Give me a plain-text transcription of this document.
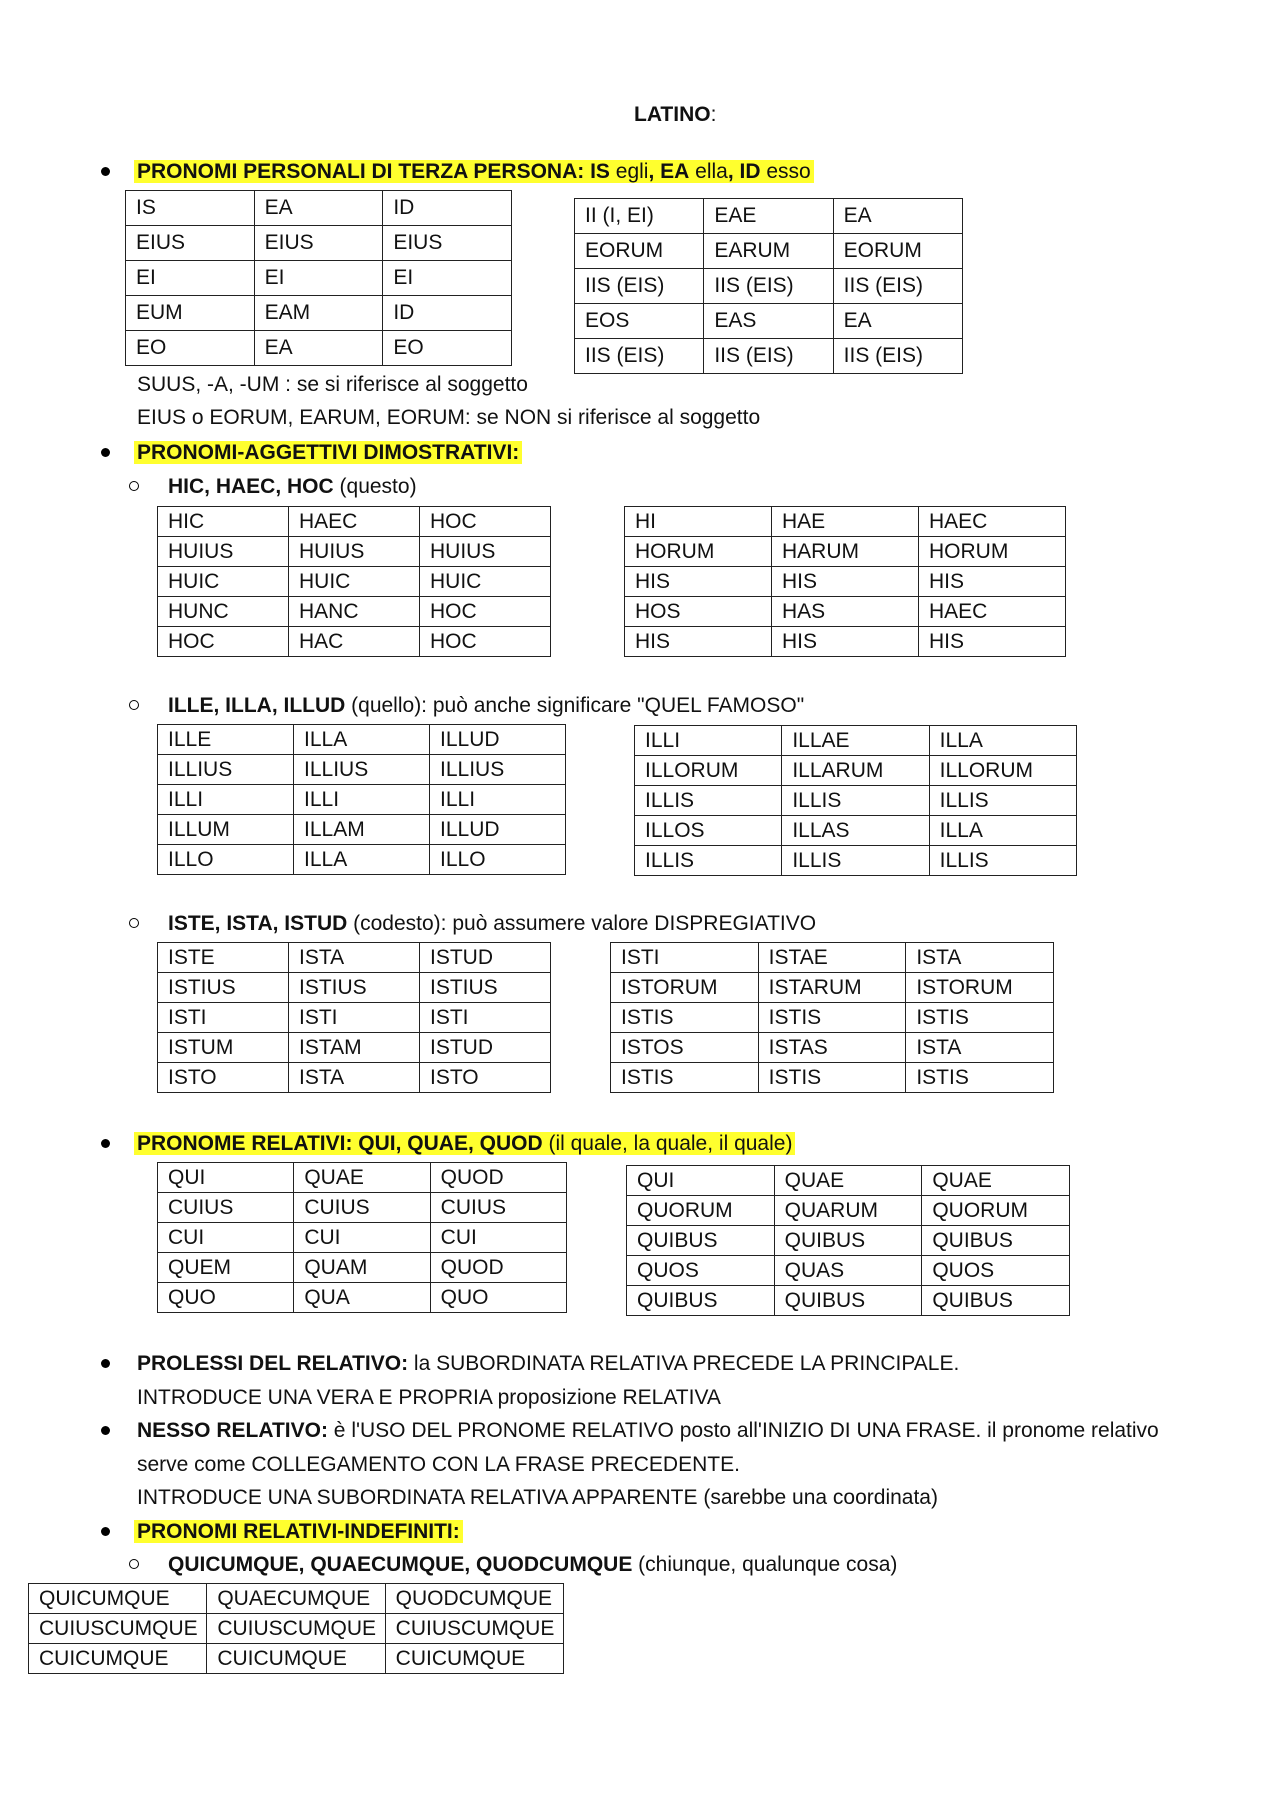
LATINO:
PRONOMI PERSONALI DI TERZA PERSONA: IS egli, EA ella, ID esso
IS	EA	ID
EIUS	EIUS	EIUS
EI	EI	EI
EUM	EAM	ID
EO	EA	EO
II (I, EI)	EAE	EA
EORUM	EARUM	EORUM
IIS (EIS)	IIS (EIS)	IIS (EIS)
EOS	EAS	EA
IIS (EIS)	IIS (EIS)	IIS (EIS)
SUUS, -A, -UM : se si riferisce al soggetto
EIUS o EORUM, EARUM, EORUM: se NON si riferisce al soggetto
PRONOMI-AGGETTIVI DIMOSTRATIVI:
HIC, HAEC, HOC (questo)
HIC	HAEC	HOC
HUIUS	HUIUS	HUIUS
HUIC	HUIC	HUIC
HUNC	HANC	HOC
HOC	HAC	HOC
HI	HAE	HAEC
HORUM	HARUM	HORUM
HIS	HIS	HIS
HOS	HAS	HAEC
HIS	HIS	HIS
ILLE, ILLA, ILLUD (quello): può anche significare "QUEL FAMOSO"
ILLE	ILLA	ILLUD
ILLIUS	ILLIUS	ILLIUS
ILLI	ILLI	ILLI
ILLUM	ILLAM	ILLUD
ILLO	ILLA	ILLO
ILLI	ILLAE	ILLA
ILLORUM	ILLARUM	ILLORUM
ILLIS	ILLIS	ILLIS
ILLOS	ILLAS	ILLA
ILLIS	ILLIS	ILLIS
ISTE, ISTA, ISTUD (codesto): può assumere valore DISPREGIATIVO
ISTE	ISTA	ISTUD
ISTIUS	ISTIUS	ISTIUS
ISTI	ISTI	ISTI
ISTUM	ISTAM	ISTUD
ISTO	ISTA	ISTO
ISTI	ISTAE	ISTA
ISTORUM	ISTARUM	ISTORUM
ISTIS	ISTIS	ISTIS
ISTOS	ISTAS	ISTA
ISTIS	ISTIS	ISTIS
PRONOME RELATIVI: QUI, QUAE, QUOD (il quale, la quale, il quale)
QUI	QUAE	QUOD
CUIUS	CUIUS	CUIUS
CUI	CUI	CUI
QUEM	QUAM	QUOD
QUO	QUA	QUO
QUI	QUAE	QUAE
QUORUM	QUARUM	QUORUM
QUIBUS	QUIBUS	QUIBUS
QUOS	QUAS	QUOS
QUIBUS	QUIBUS	QUIBUS
PROLESSI DEL RELATIVO: la SUBORDINATA RELATIVA PRECEDE LA PRINCIPALE.
INTRODUCE UNA VERA E PROPRIA proposizione RELATIVA
NESSO RELATIVO: è l'USO DEL PRONOME RELATIVO posto all'INIZIO DI UNA FRASE. il pronome relativo
serve come COLLEGAMENTO CON LA FRASE PRECEDENTE.
INTRODUCE UNA SUBORDINATA RELATIVA APPARENTE (sarebbe una coordinata)
PRONOMI RELATIVI-INDEFINITI:
QUICUMQUE, QUAECUMQUE, QUODCUMQUE (chiunque, qualunque cosa)
QUICUMQUE	QUAECUMQUE	QUODCUMQUE
CUIUSCUMQUE	CUIUSCUMQUE	CUIUSCUMQUE
CUICUMQUE	CUICUMQUE	CUICUMQUE
